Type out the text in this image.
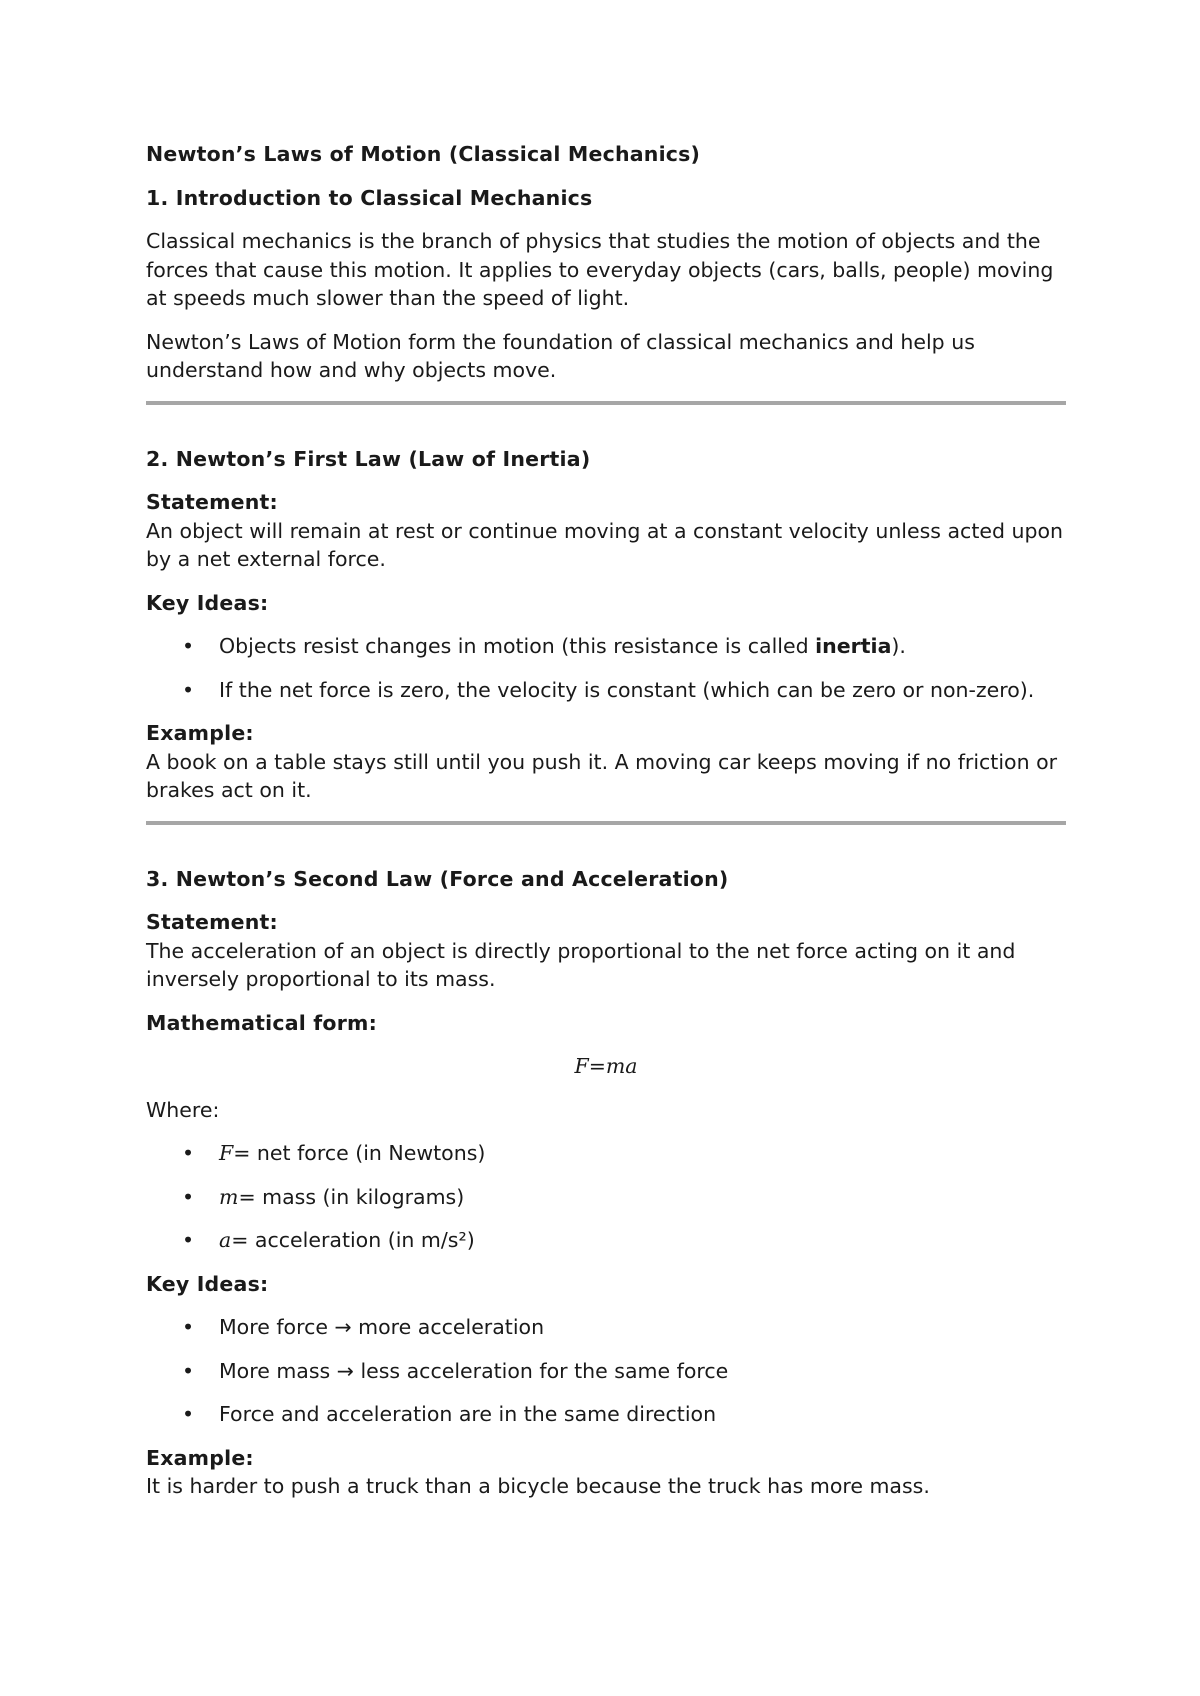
Newton’s Laws of Motion (Classical Mechanics)
1. Introduction to Classical Mechanics

Classical mechanics is the branch of physics that studies the motion of objects and the forces that cause this motion. It applies to everyday objects (cars, balls, people) moving at speeds much slower than the speed of light.

Newton’s Laws of Motion form the foundation of classical mechanics and help us understand how and why objects move.

2. Newton’s First Law (Law of Inertia)
Statement:
An object will remain at rest or continue moving at a constant velocity unless acted upon by a net external force.
Key Ideas:
• Objects resist changes in motion (this resistance is called inertia).
• If the net force is zero, the velocity is constant (which can be zero or non-zero).
Example:
A book on a table stays still until you push it. A moving car keeps moving if no friction or brakes act on it.
3. Newton’s Second Law (Force and Acceleration)
Statement:
The acceleration of an object is directly proportional to the net force acting on it and inversely proportional to its mass.
Mathematical form:
F=ma

Where:

• F= net force (in Newtons)
• m= mass (in kilograms)
• a= acceleration (in m/s²)
Key Ideas:
• More force → more acceleration
• More mass → less acceleration for the same force
• Force and acceleration are in the same direction
Example:
It is harder to push a truck than a bicycle because the truck has more mass.
